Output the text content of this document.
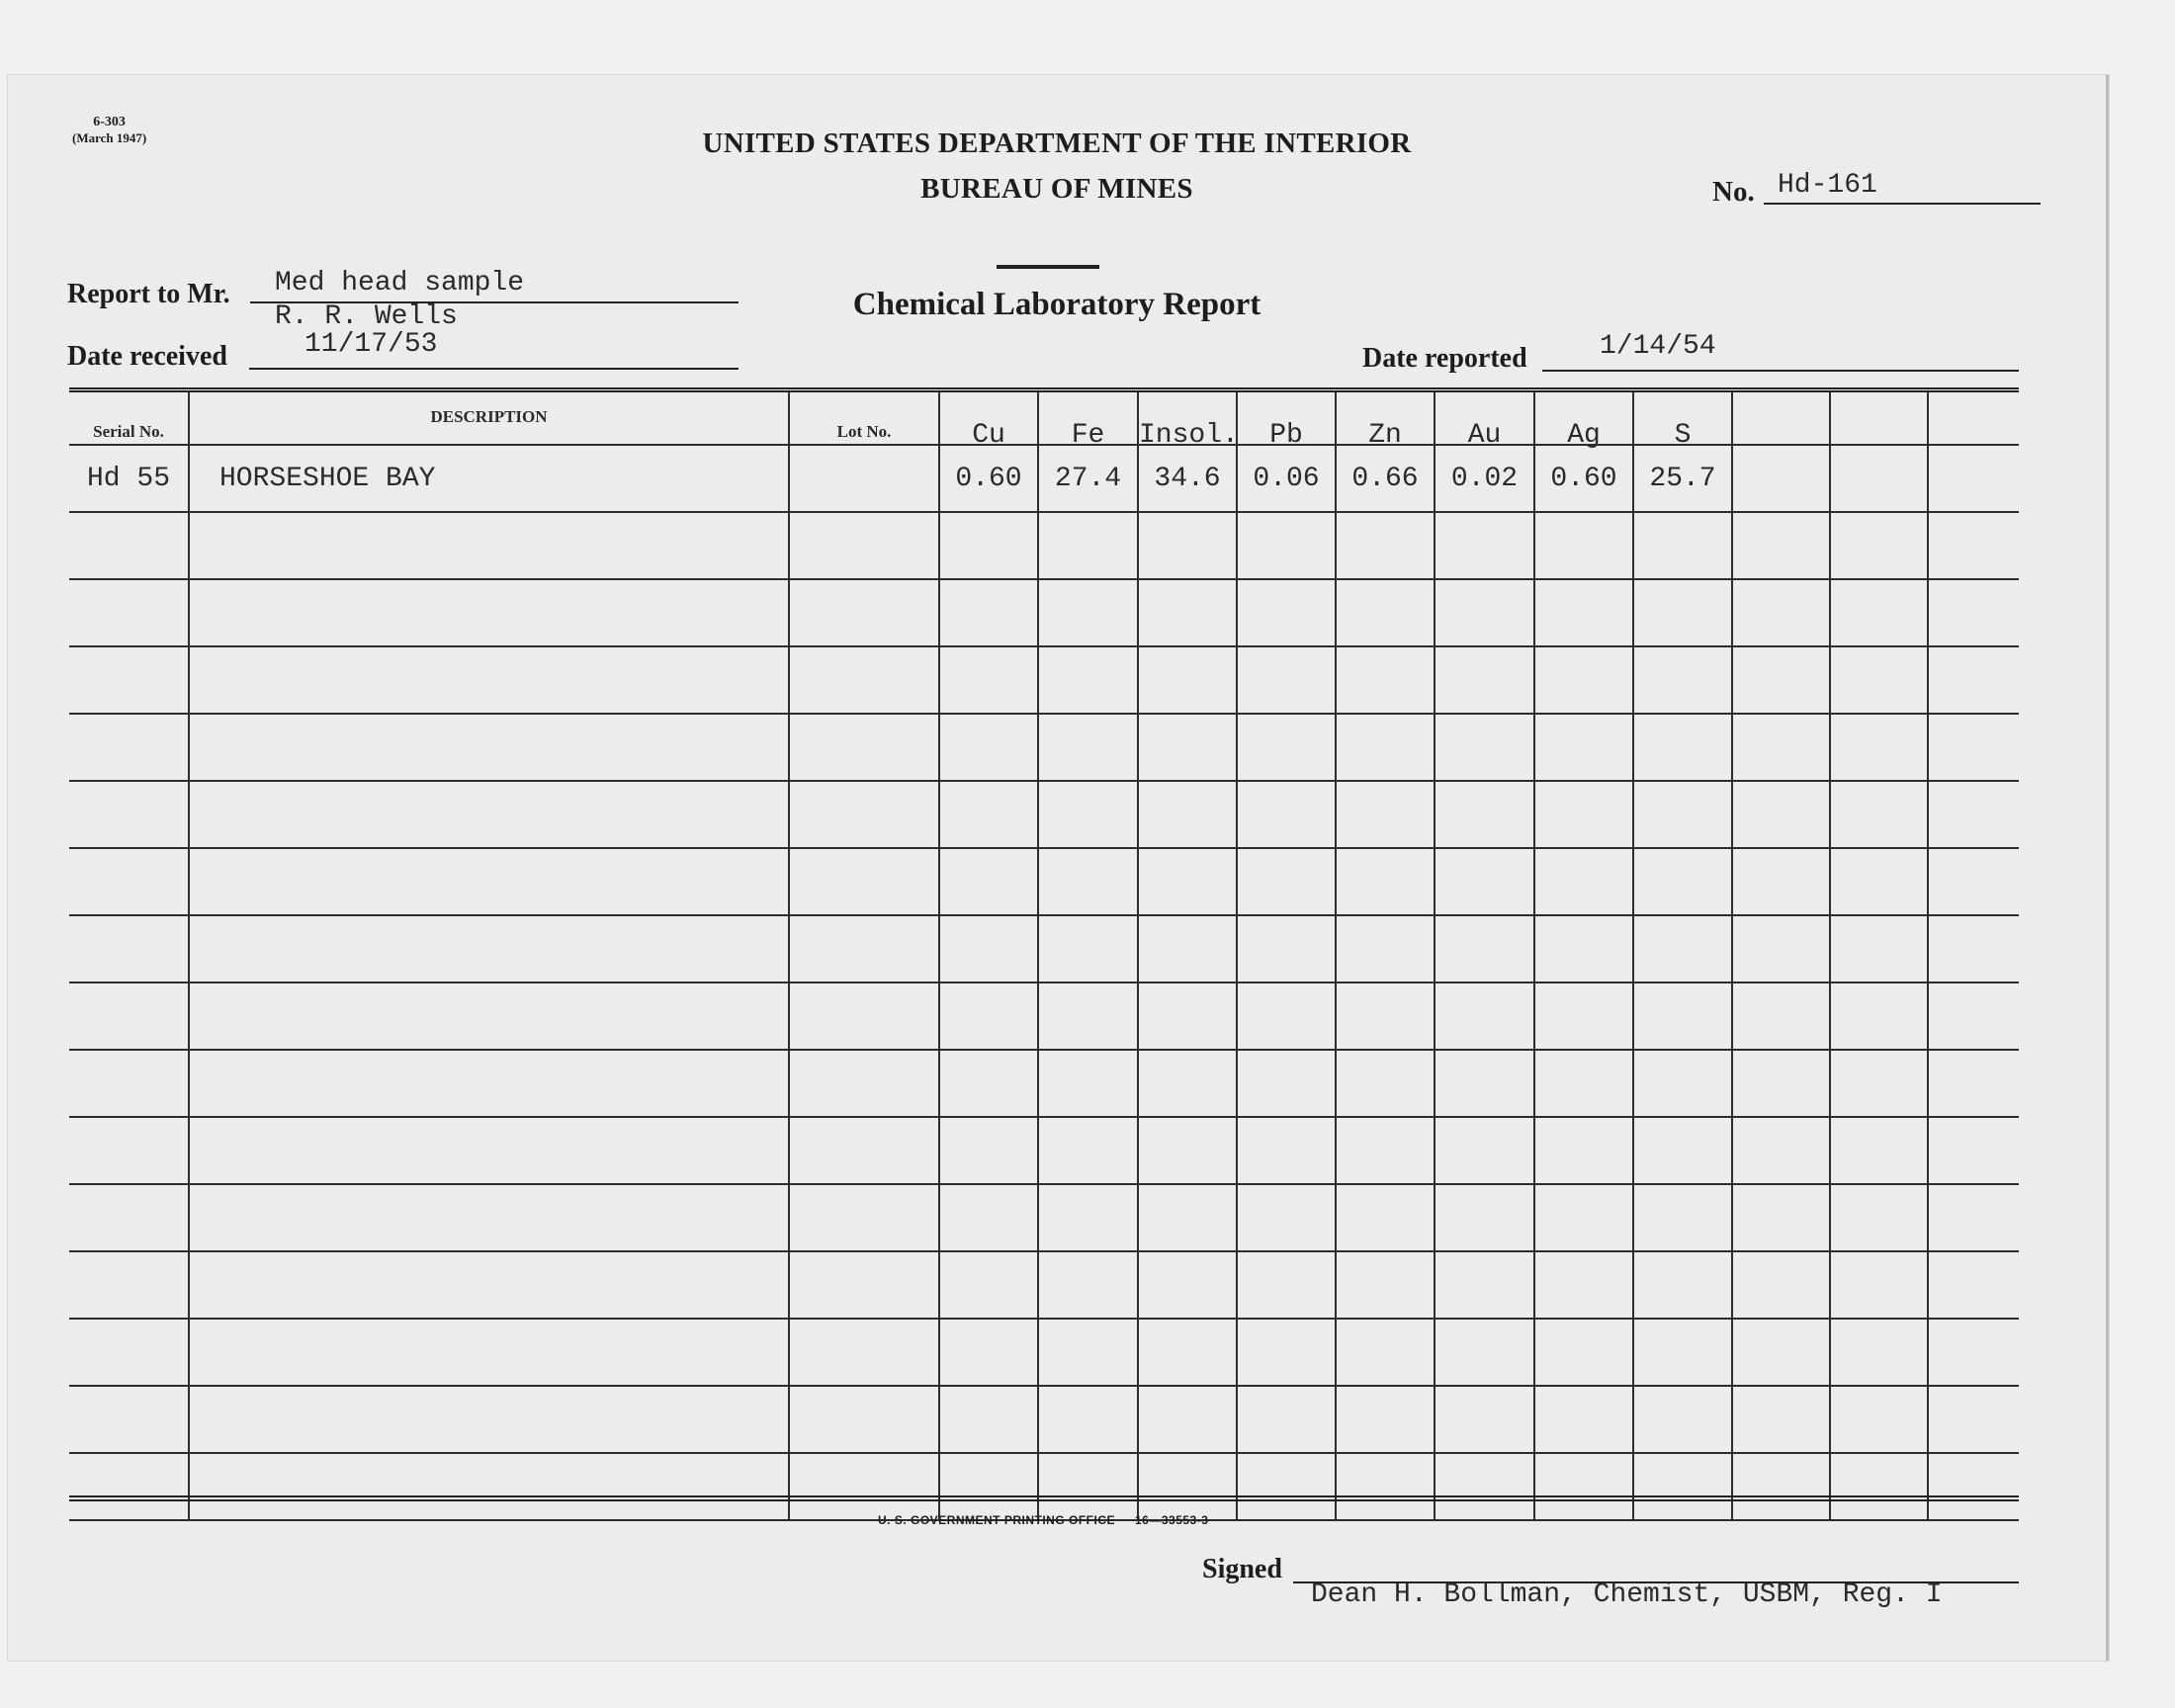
6-303
(March 1947)	UNITED STATES DEPARTMENT OF THE INTERIOR
BUREAU OF MINES	No. Hd-161
Chemical Laboratory Report
Report to Mr. Med head sample
R. R. Wells
Date received	11/17/53	Date reported	1/14/54
Serial No.	DESCRIPTION	Lot No.	Cu	Fe	Insol.	Pb	Zn	Au	Ag	S			
Hd 55	HORSESHOE BAY		0.60	27.4	34.6	0.06	0.66	0.02	0.60	25.7			

U. S. GOVERNMENT PRINTING OFFICE 16—33553-3
Signed
Dean H. Bollman, Chemist, USBM, Reg. I
